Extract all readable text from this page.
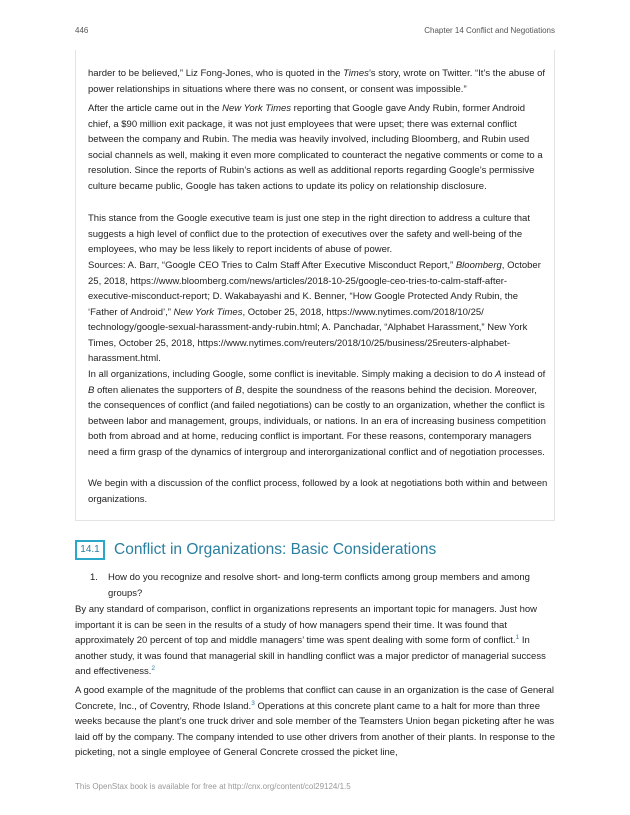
446	Chapter 14 Conflict and Negotiations

harder to be believed,” Liz Fong-Jones, who is quoted in the Times’s story, wrote on Twitter. “It’s the abuse of power relationships in situations where there was no consent, or consent was impossible.”

After the article came out in the New York Times reporting that Google gave Andy Rubin, former Android chief, a $90 million exit package, it was not just employees that were upset; there was external conflict between the company and Rubin. The media was heavily involved, including Bloomberg, and Rubin used social channels as well, making it even more complicated to counteract the negative comments or come to a resolution. Since the reports of Rubin’s actions as well as additional reports regarding Google’s permissive culture became public, Google has taken actions to update its policy on relationship disclosure.

This stance from the Google executive team is just one step in the right direction to address a culture that suggests a high level of conflict due to the protection of executives over the safety and well-being of the employees, who may be less likely to report incidents of abuse of power.

Sources: A. Barr, “Google CEO Tries to Calm Staff After Executive Misconduct Report,” Bloomberg, October 25, 2018, https://www.bloomberg.com/news/articles/2018-10-25/google-ceo-tries-to-calm-staff-after-executive-misconduct-report; D. Wakabayashi and K. Benner, “How Google Protected Andy Rubin, the ‘Father of Android’,” New York Times, October 25, 2018, https://www.nytimes.com/2018/10/25/ technology/google-sexual-harassment-andy-rubin.html; A. Panchadar, “Alphabet Harassment,” New York Times, October 25, 2018, https://www.nytimes.com/reuters/2018/10/25/business/25reuters-alphabet-harassment.html.

In all organizations, including Google, some conflict is inevitable. Simply making a decision to do A instead of B often alienates the supporters of B, despite the soundness of the reasons behind the decision. Moreover, the consequences of conflict (and failed negotiations) can be costly to an organization, whether the conflict is between labor and management, groups, individuals, or nations. In an era of increasing business competition both from abroad and at home, reducing conflict is important. For these reasons, contemporary managers need a firm grasp of the dynamics of intergroup and interorganizational conflict and of negotiation processes.

We begin with a discussion of the conflict process, followed by a look at negotiations both within and between organizations.

14.1 Conflict in Organizations: Basic Considerations
1.	How do you recognize and resolve short- and long-term conflicts among group members and among groups?

By any standard of comparison, conflict in organizations represents an important topic for managers. Just how important it is can be seen in the results of a study of how managers spend their time. It was found that approximately 20 percent of top and middle managers’ time was spent dealing with some form of conflict.$^1$ In another study, it was found that managerial skill in handling conflict was a major predictor of managerial success and effectiveness.$^2$

A good example of the magnitude of the problems that conflict can cause in an organization is the case of General Concrete, Inc., of Coventry, Rhode Island.$^3$ Operations at this concrete plant came to a halt for more than three weeks because the plant’s one truck driver and sole member of the Teamsters Union began picketing after he was laid off by the company. The company intended to use other drivers from another of their plants. In response to the picketing, not a single employee of General Concrete crossed the picket line,

This OpenStax book is available for free at http://cnx.org/content/col29124/1.5
